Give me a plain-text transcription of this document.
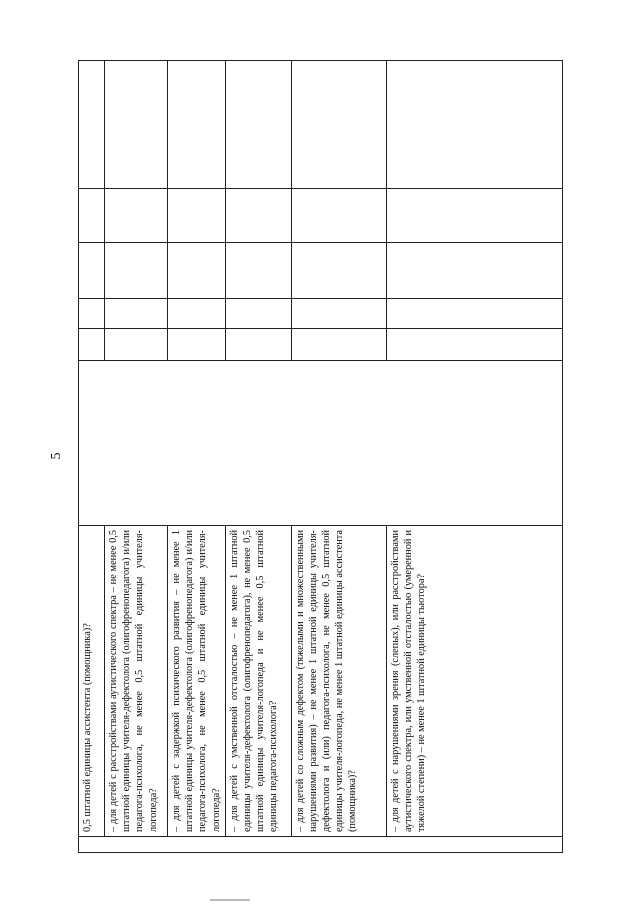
5
	0,5 штатной единицы ассистента (помощника)?						
	– для детей с расстройствами аутистического спектра – не менее 0,5 штатной единицы учителя-дефектолога (олигофренопедагога) и/или педагога-психолога, не менее 0,5 штатной единицы учителя-логопеда?						
	– для детей с задержкой психического развития – не менее 1 штатной единицы учителя-дефектолога (олигофренопедагога) и/или педагога-психолога, не менее 0,5 штатной единицы учителя-логопеда?						
	– для детей с умственной отсталостью – не менее 1 штатной единицы учителя-дефектолога (олигофренопедагога), не менее 0,5 штатной единицы учителя-логопеда и не менее 0,5 штатной единицы педагога-психолога?						
	– для детей со сложным дефектом (тяжелыми и множественными нарушениями развития) – не менее 1 штатной единицы учителя-дефектолога и (или) педагога-психолога, не менее 0,5 штатной единицы учителя-логопеда, не менее 1 штатной единицы ассистента (помощника)?						
	– для детей с нарушениями зрения (слепых), или расстройствами аутистического спектра, или умственной отсталостью (умеренной и тяжелой степени) – не менее 1 штатной единицы тьютора?						
